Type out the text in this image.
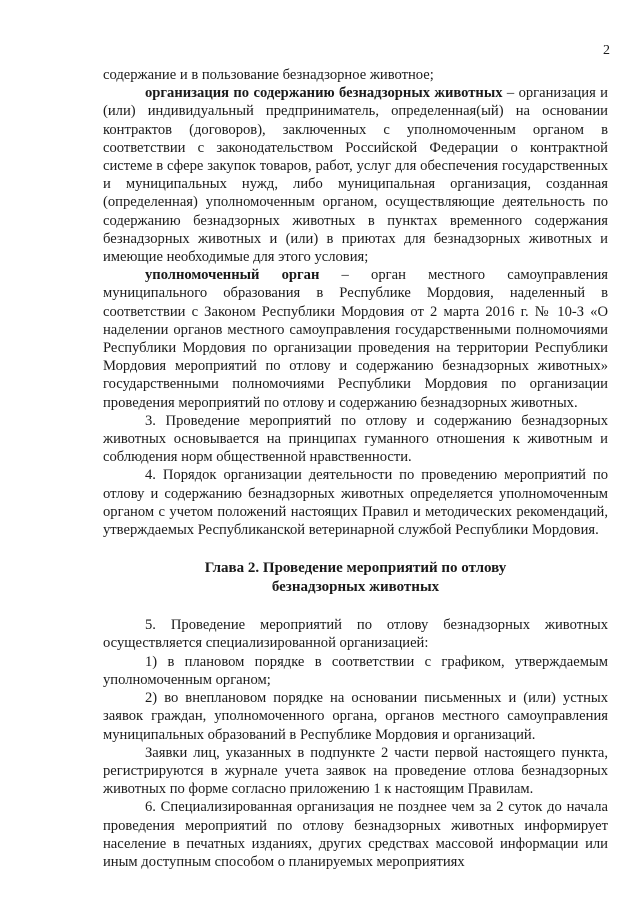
2

содержание и в пользование безнадзорное животное;

организация по содержанию безнадзорных животных – организация и (или) индивидуальный предприниматель, определенная(ый) на основании контрактов (договоров), заключенных с уполномоченным органом в соответствии с законодательством Российской Федерации о контрактной системе в сфере закупок товаров, работ, услуг для обеспечения государственных и муниципальных нужд, либо муниципальная организация, созданная (определенная) уполномоченным органом, осуществляющие деятельность по содержанию безнадзорных животных в пунктах временного содержания безнадзорных животных и (или) в приютах для безнадзорных животных и имеющие необходимые для этого условия;

уполномоченный орган – орган местного самоуправления муниципального образования в Республике Мордовия, наделенный в соответствии с Законом Республики Мордовия от 2 марта 2016 г. № 10-З «О наделении органов местного самоуправления государственными полномочиями Республики Мордовия по организации проведения на территории Республики Мордовия мероприятий по отлову и содержанию безнадзорных животных» государственными полномочиями Республики Мордовия по организации проведения мероприятий по отлову и содержанию безнадзорных животных.

3. Проведение мероприятий по отлову и содержанию безнадзорных животных основывается на принципах гуманного отношения к животным и соблюдения норм общественной нравственности.

4. Порядок организации деятельности по проведению мероприятий по отлову и содержанию безнадзорных животных определяется уполномоченным органом с учетом положений настоящих Правил и методических рекомендаций, утверждаемых Республиканской ветеринарной службой Республики Мордовия.

Глава 2. Проведение мероприятий по отлову
безнадзорных животных

5. Проведение мероприятий по отлову безнадзорных животных осуществляется специализированной организацией:

1) в плановом порядке в соответствии с графиком, утверждаемым уполномоченным органом;

2) во внеплановом порядке на основании письменных и (или) устных заявок граждан, уполномоченного органа, органов местного самоуправления муниципальных образований в Республике Мордовия и организаций.

Заявки лиц, указанных в подпункте 2 части первой настоящего пункта, регистрируются в журнале учета заявок на проведение отлова безнадзорных животных по форме согласно приложению 1 к настоящим Правилам.

6. Специализированная организация не позднее чем за 2 суток до начала проведения мероприятий по отлову безнадзорных животных информирует население в печатных изданиях, других средствах массовой информации или иным доступным способом о планируемых мероприятиях
